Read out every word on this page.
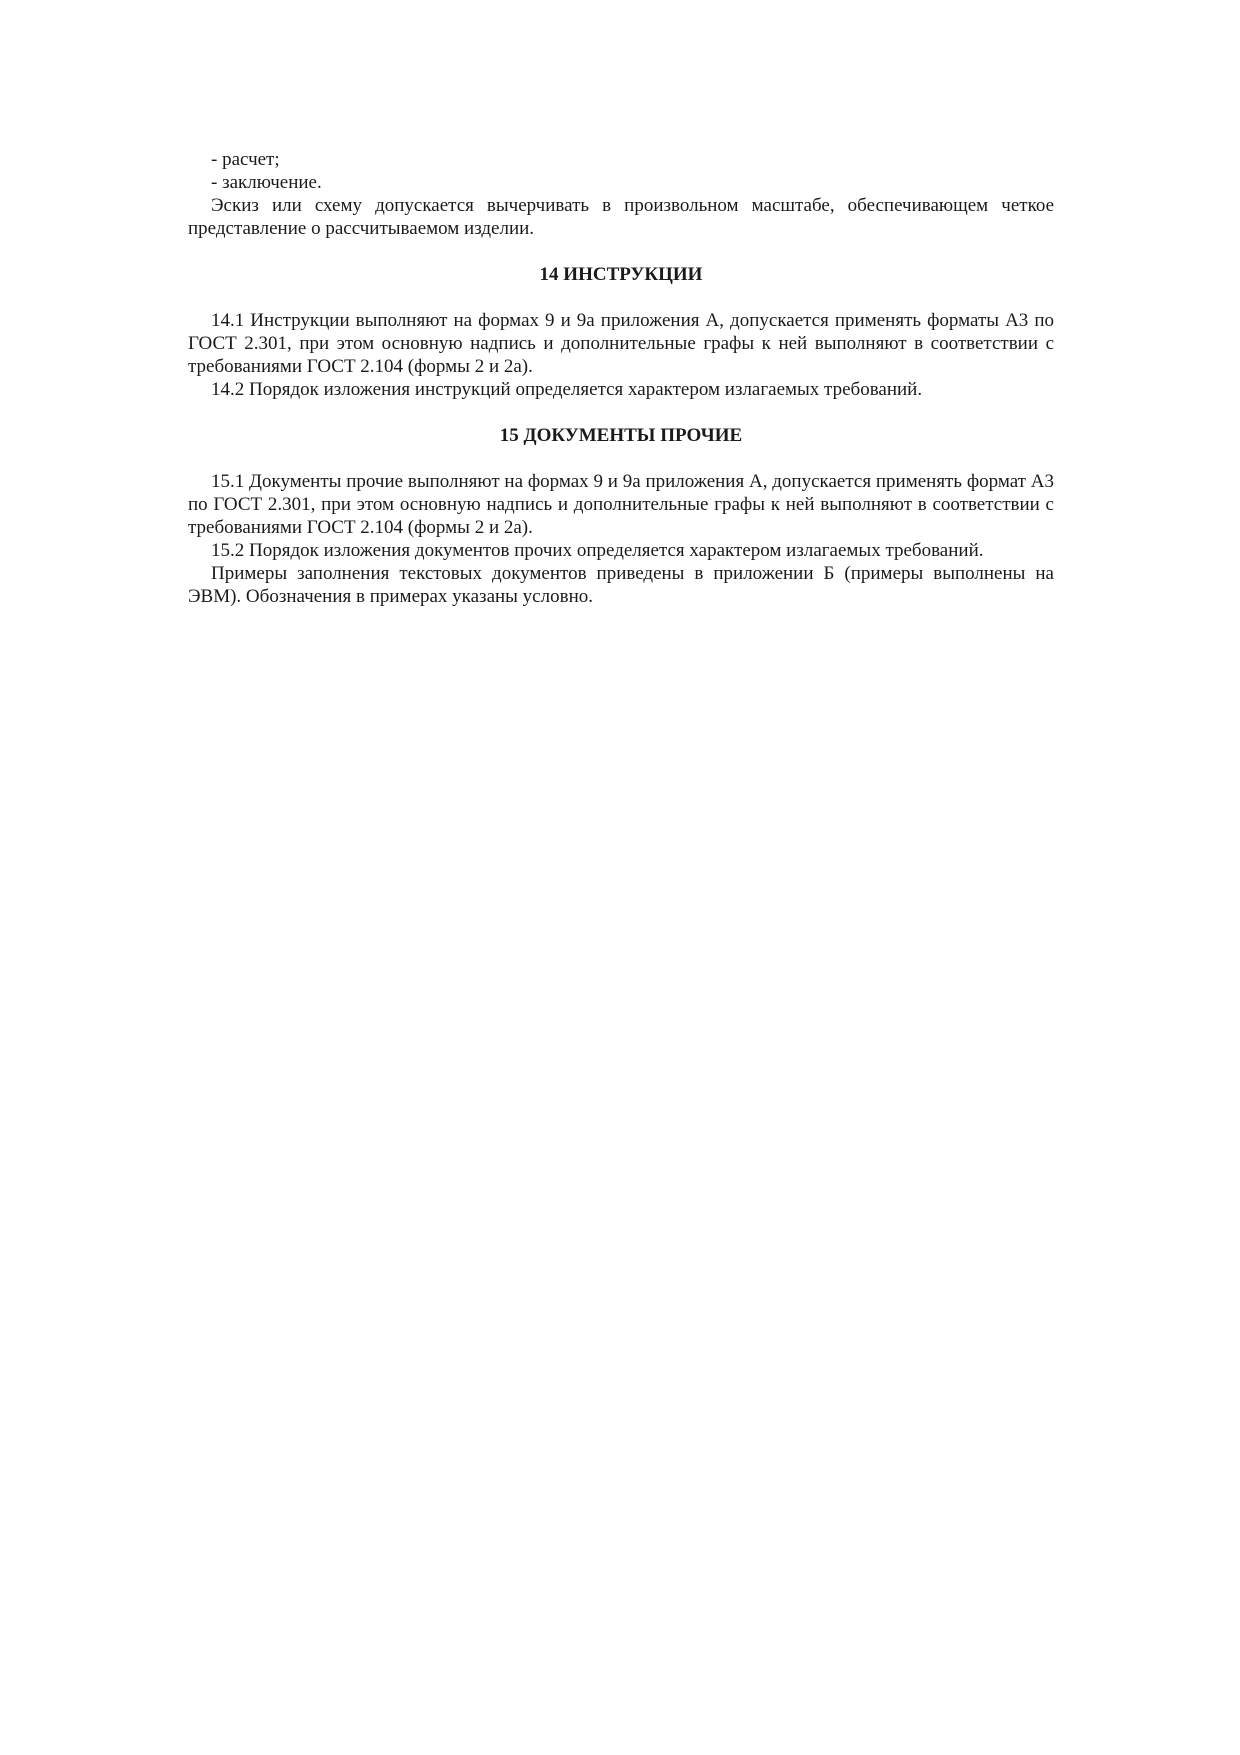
- расчет;

- заключение.

Эскиз или схему допускается вычерчивать в произвольном масштабе, обеспечивающем четкое представление о рассчитываемом изделии.

14 ИНСТРУКЦИИ

14.1 Инструкции выполняют на формах 9 и 9а приложения А, допускается применять форматы А3 по ГОСТ 2.301, при этом основную надпись и дополнительные графы к ней выполняют в соответствии с требованиями ГОСТ 2.104 (формы 2 и 2а).

14.2 Порядок изложения инструкций определяется характером излагаемых требований.

15 ДОКУМЕНТЫ ПРОЧИЕ

15.1 Документы прочие выполняют на формах 9 и 9а приложения А, допускается применять формат А3 по ГОСТ 2.301, при этом основную надпись и дополнительные графы к ней выполняют в соответствии с требованиями ГОСТ 2.104 (формы 2 и 2а).

15.2 Порядок изложения документов прочих определяется характером излагаемых требований.

Примеры заполнения текстовых документов приведены в приложении Б (примеры выполнены на ЭВМ). Обозначения в примерах указаны условно.
